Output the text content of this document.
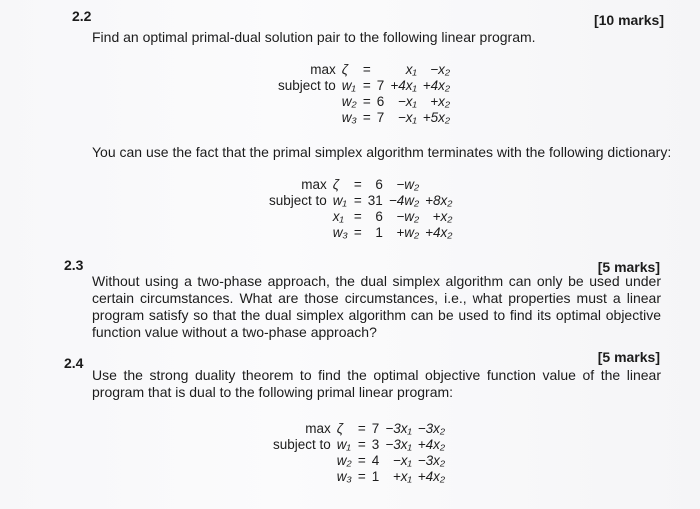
2.2	[10 marks]
Find an optimal primal-dual solution pair to the following linear program.
max	ζ	=		x₁	−x₂
subject to	w₁	=	7	+4x₁	+4x₂
	w₂	=	6	−x₁	+x₂
	w₃	=	7	−x₁	+5x₂
You can use the fact that the primal simplex algorithm terminates with the following dictionary:
max	ζ	=	6	−w₂	
subject to	w₁	=	31	−4w₂	+8x₂
	x₁	=	6	−w₂	+x₂
	w₃	=	1	+w₂	+4x₂
2.3	[5 marks]
Without using a two-phase approach, the dual simplex algorithm can only be used under certain circumstances. What are those circumstances, i.e., what properties must a linear program satisfy so that the dual simplex algorithm can be used to find its optimal objective function value without a two-phase approach?
2.4	[5 marks]
Use the strong duality theorem to find the optimal objective function value of the linear program that is dual to the following primal linear program:
max	ζ	=	7	−3x₁	−3x₂
subject to	w₁	=	3	−3x₁	+4x₂
	w₂	=	4	−x₁	−3x₂
	w₃	=	1	+x₁	+4x₂
